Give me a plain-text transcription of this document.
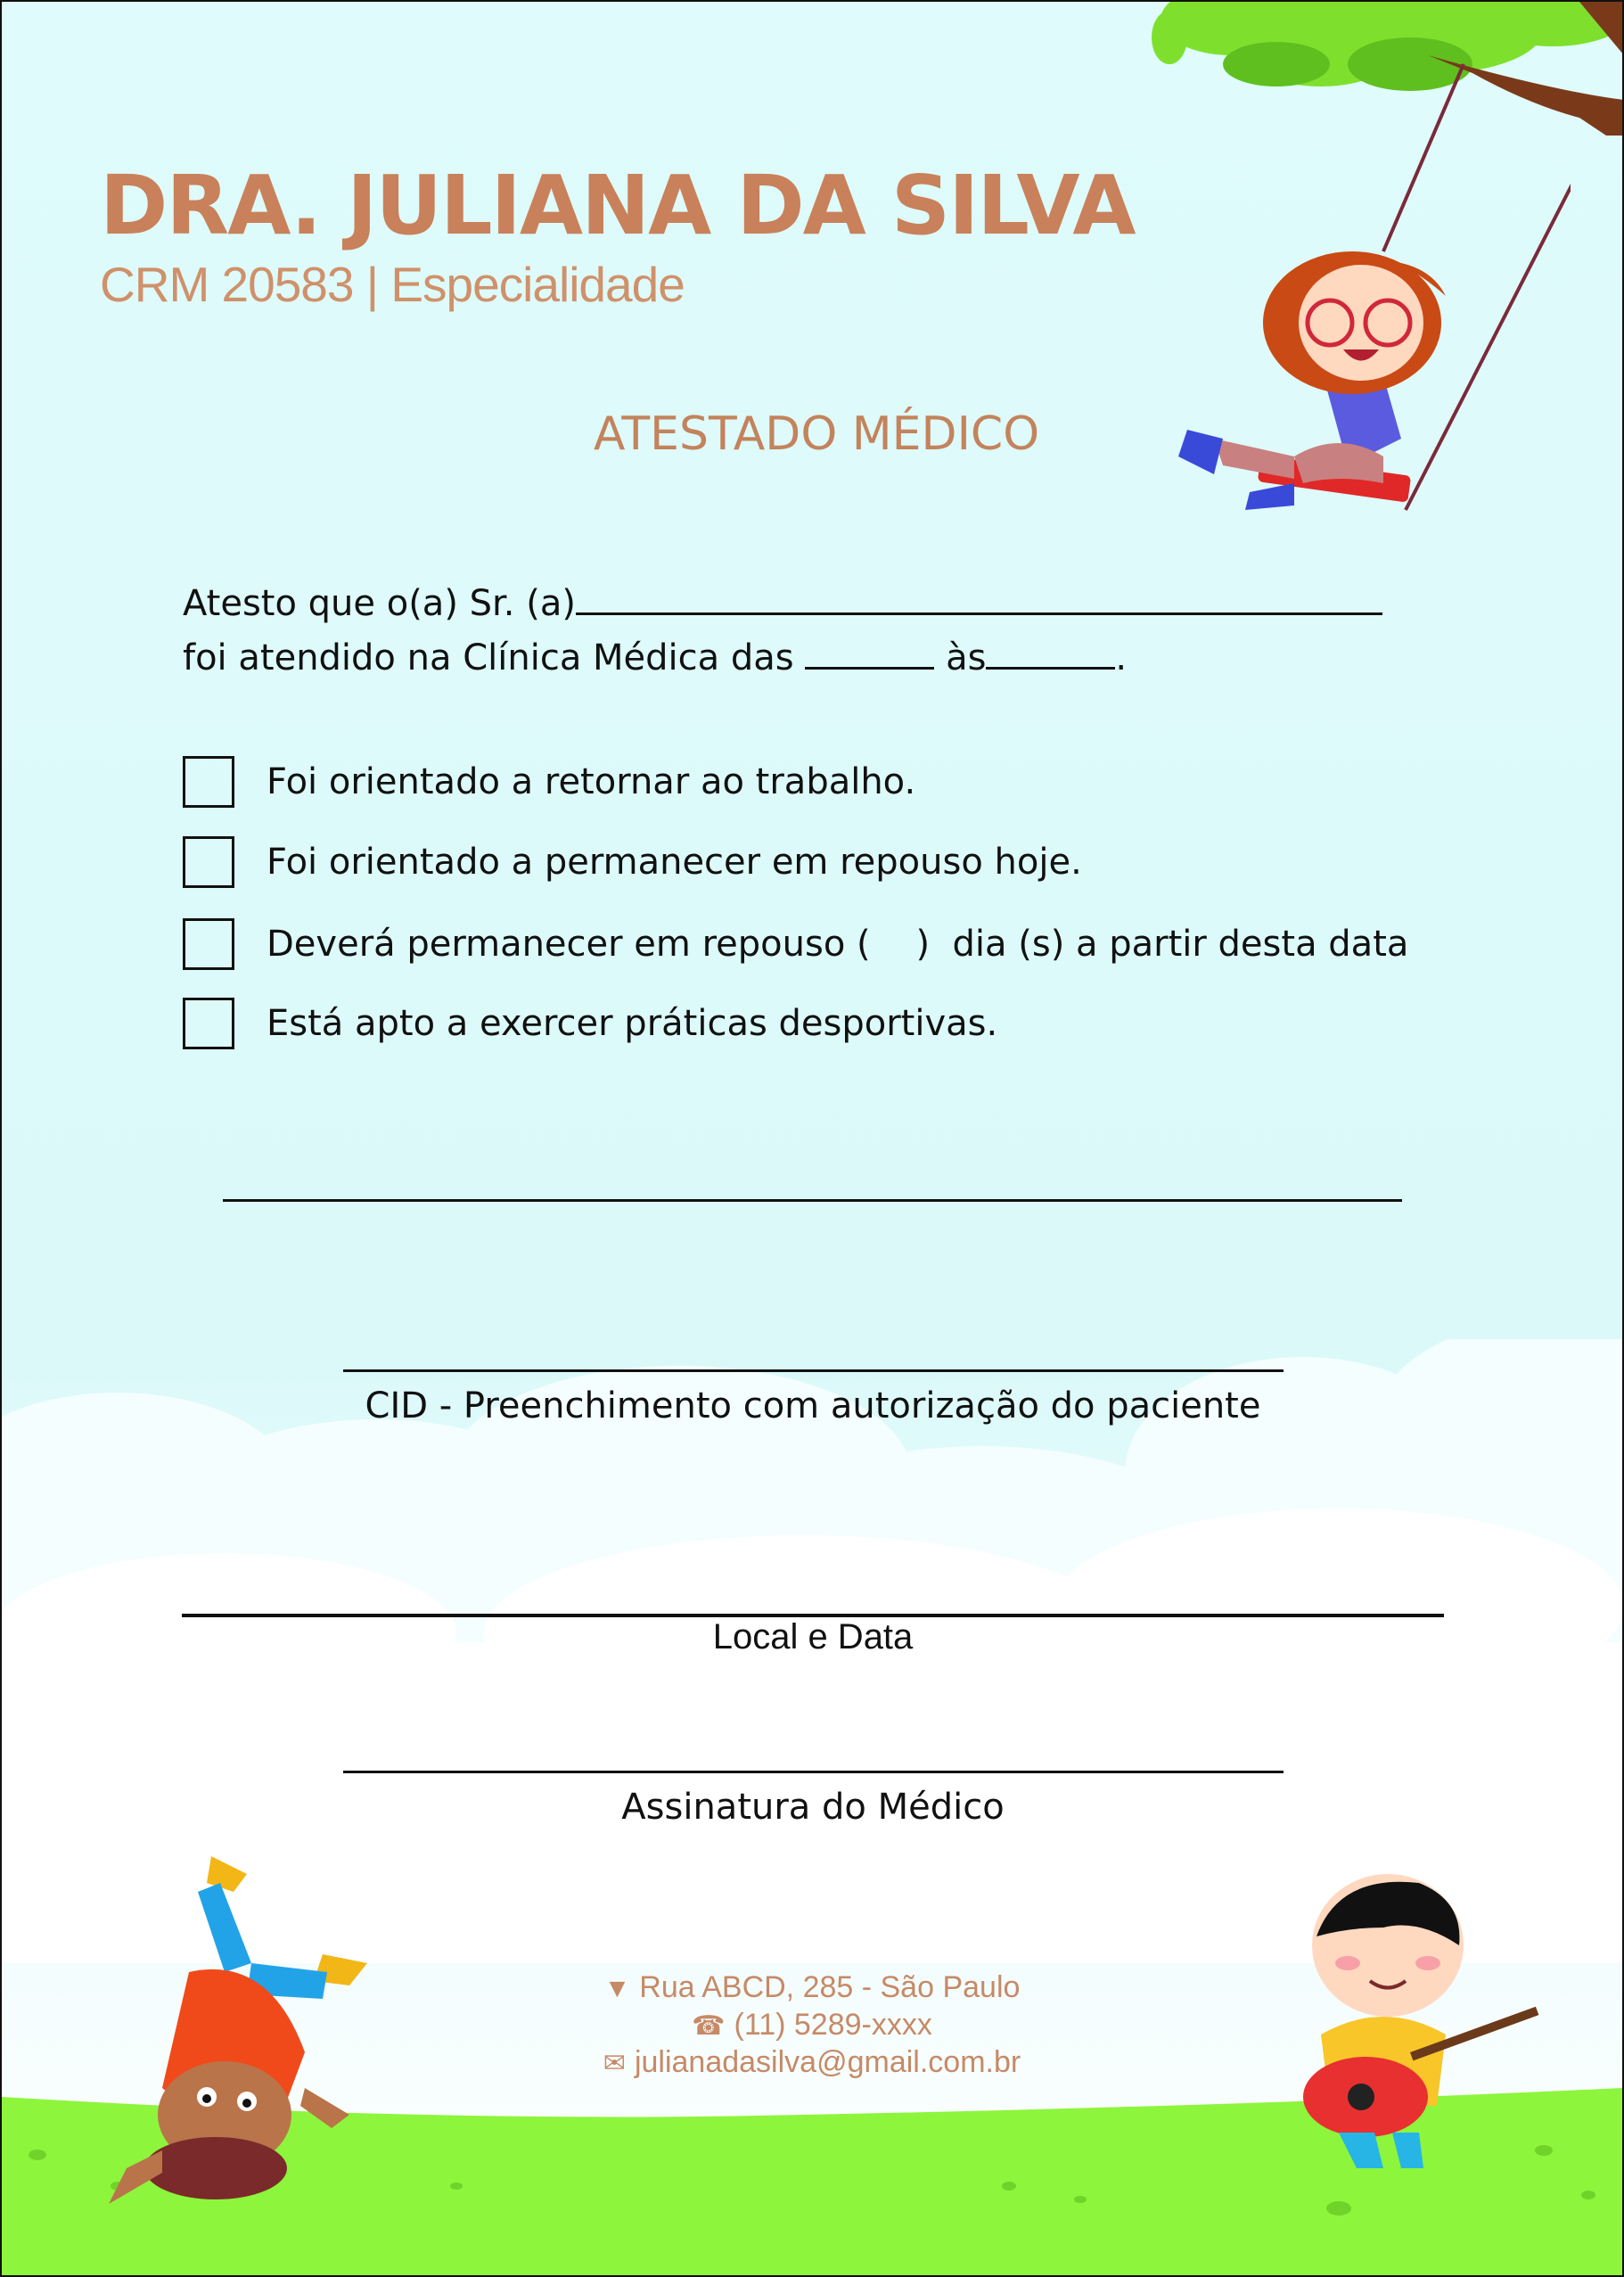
DRA. JULIANA DA SILVA
CRM 20583 | Especialidade
ATESTADO MÉDICO
Atesto que o(a) Sr. (a)
foi atendido na Clínica Médica das	às	.
Foi orientado a retornar ao trabalho.
Foi orientado a permanecer em repouso hoje.
Deverá permanecer em repouso (    )  dia (s) a partir desta data
Está apto a exercer práticas desportivas.
CID - Preenchimento com autorização do paciente
Local e Data
Assinatura do Médico
▼ Rua ABCD, 285 - São Paulo
☎ (11) 5289-xxxx
✉ julianadasilva@gmail.com.br
